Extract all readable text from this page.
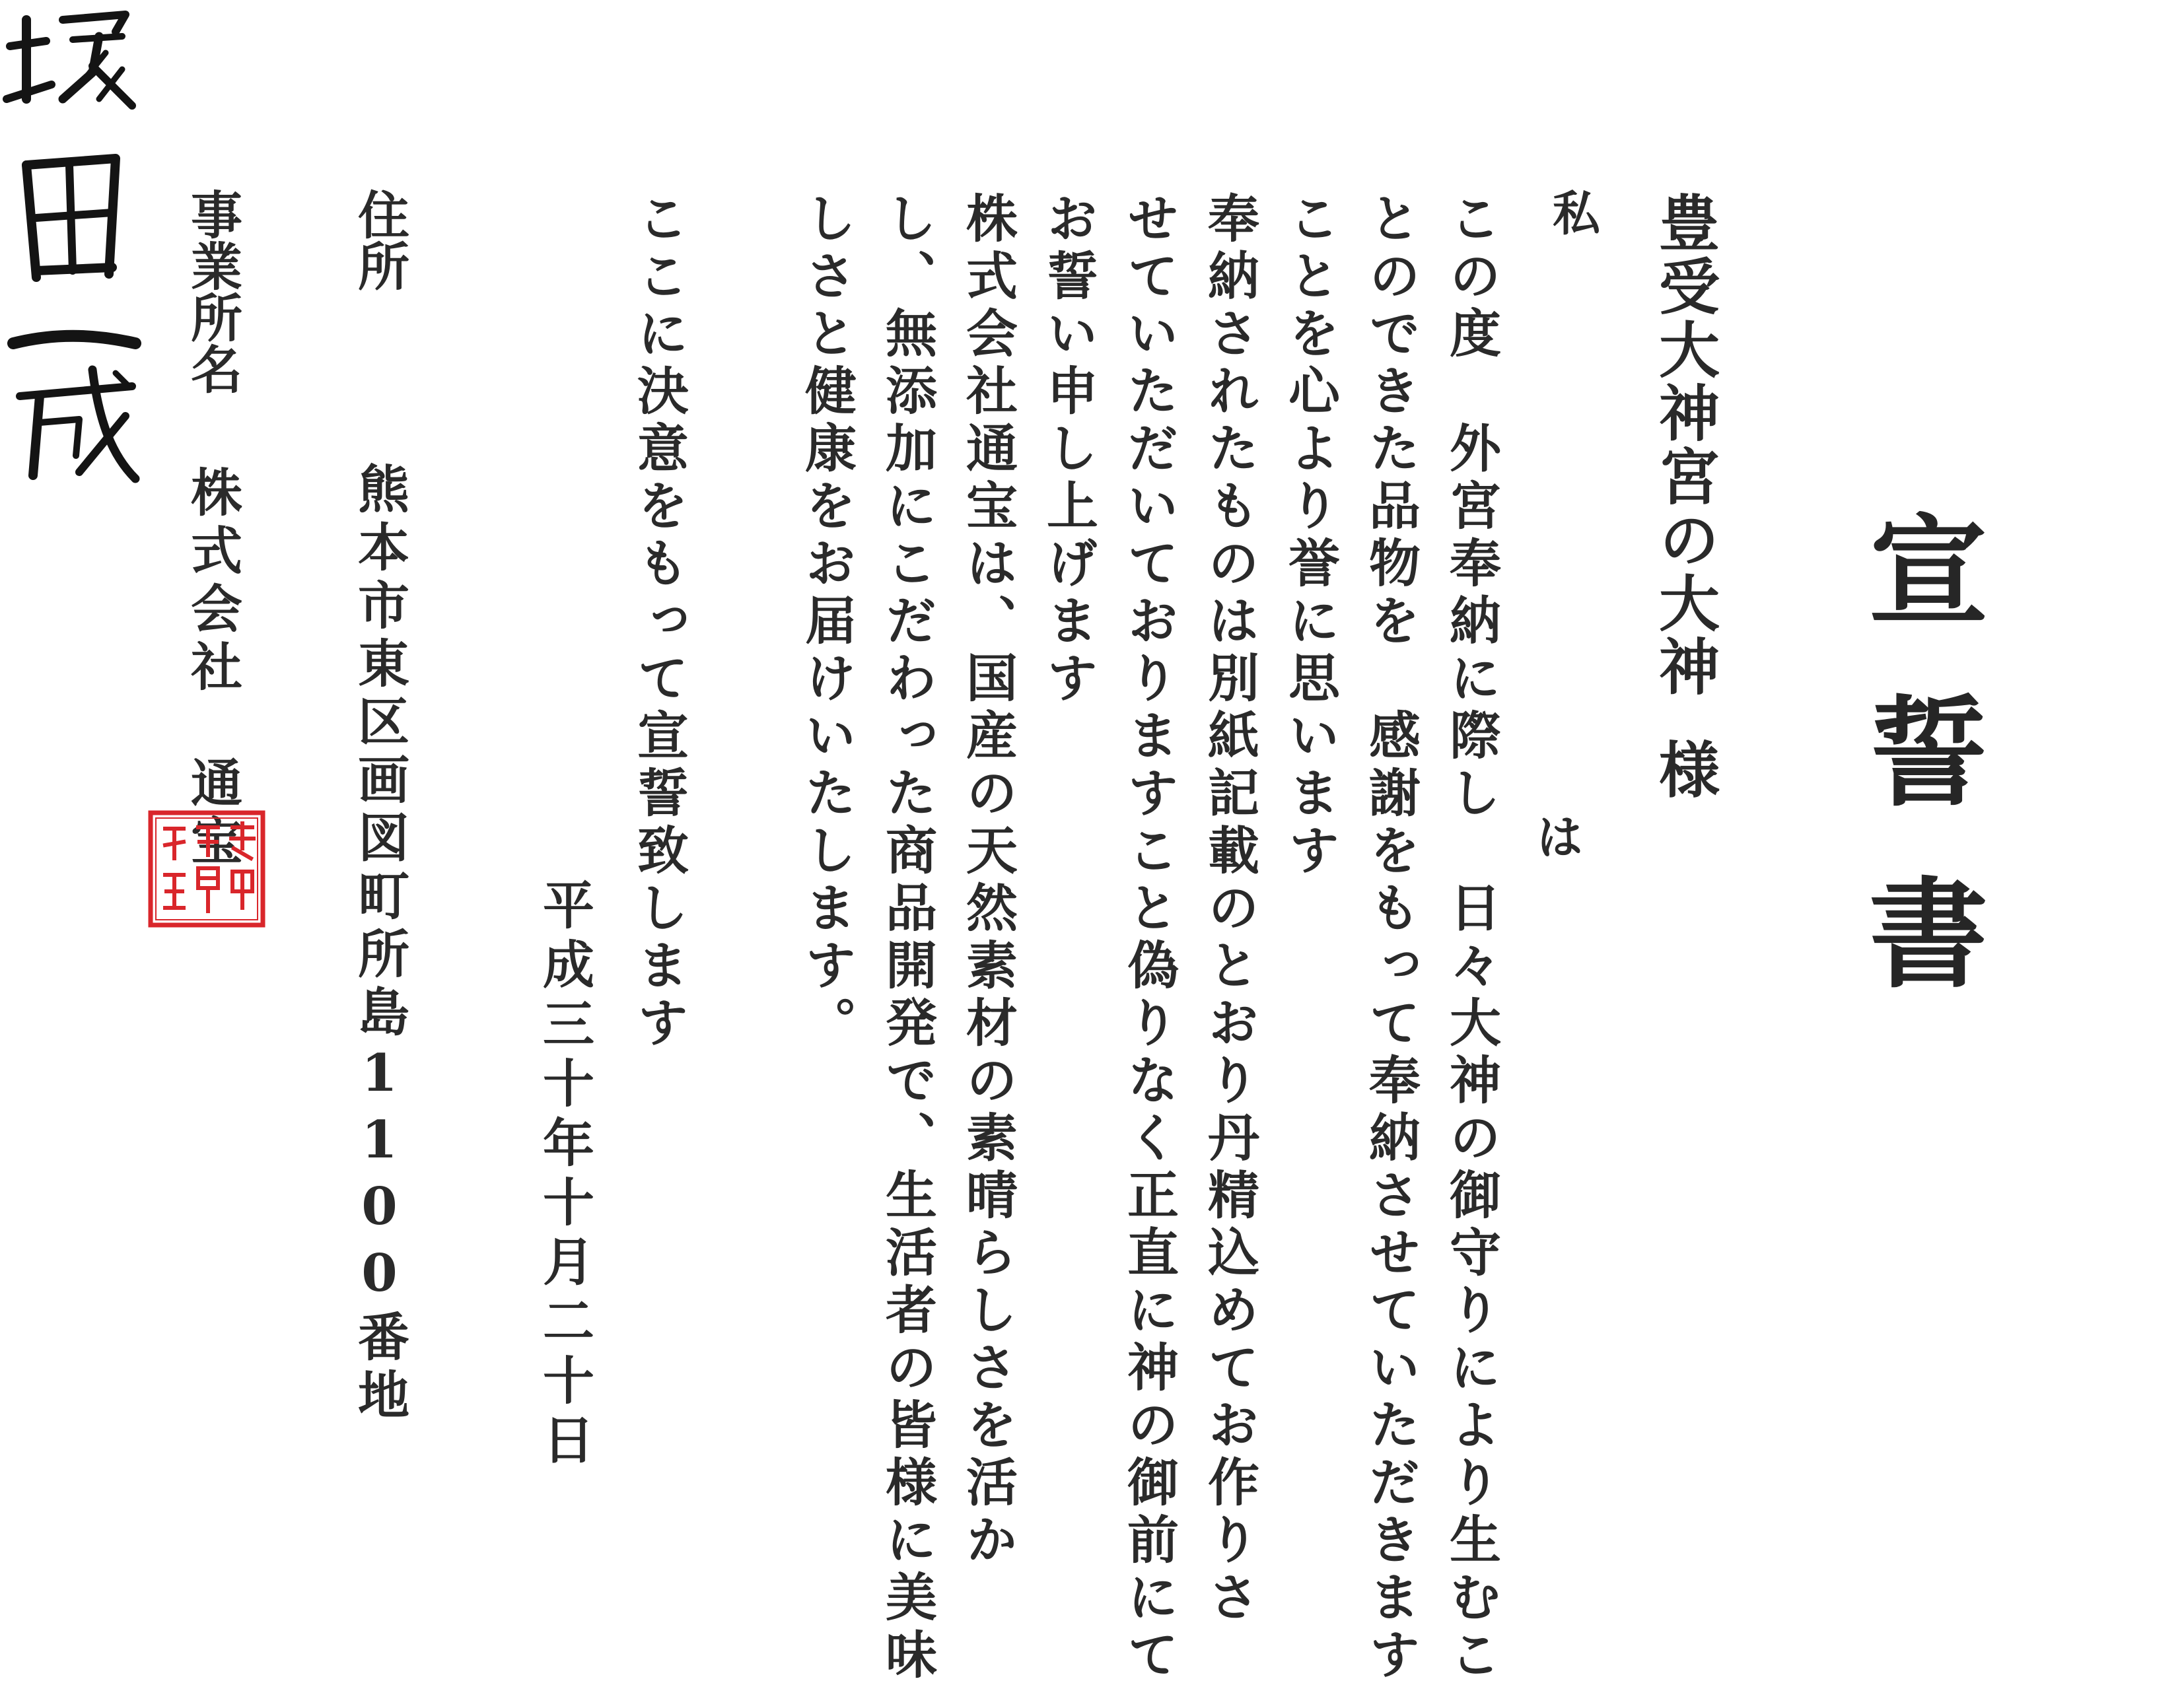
宣誓書
豊受大神宮の大神様
私
は
この度　外宮奉納に際し　日々大神の御守りにより生むこ
とのできた品物を　感謝をもって奉納させていただきます
ことを心より誉に思います
奉納されたものは別紙記載のとおり丹精込めてお作りさ
せていただいておりますこと偽りなく正直に神の御前にて
お誓い申し上げます
株式会社通宝は、国産の天然素材の素晴らしさを活か
し、無添加にこだわった商品開発で、生活者の皆様に美味
しさと健康をお届けいたします。
ここに決意をもって宣誓致します
平成三十年十月二十日
住所
熊本市東区画図町所島1100番地
事業所名
株式会社　通宝
